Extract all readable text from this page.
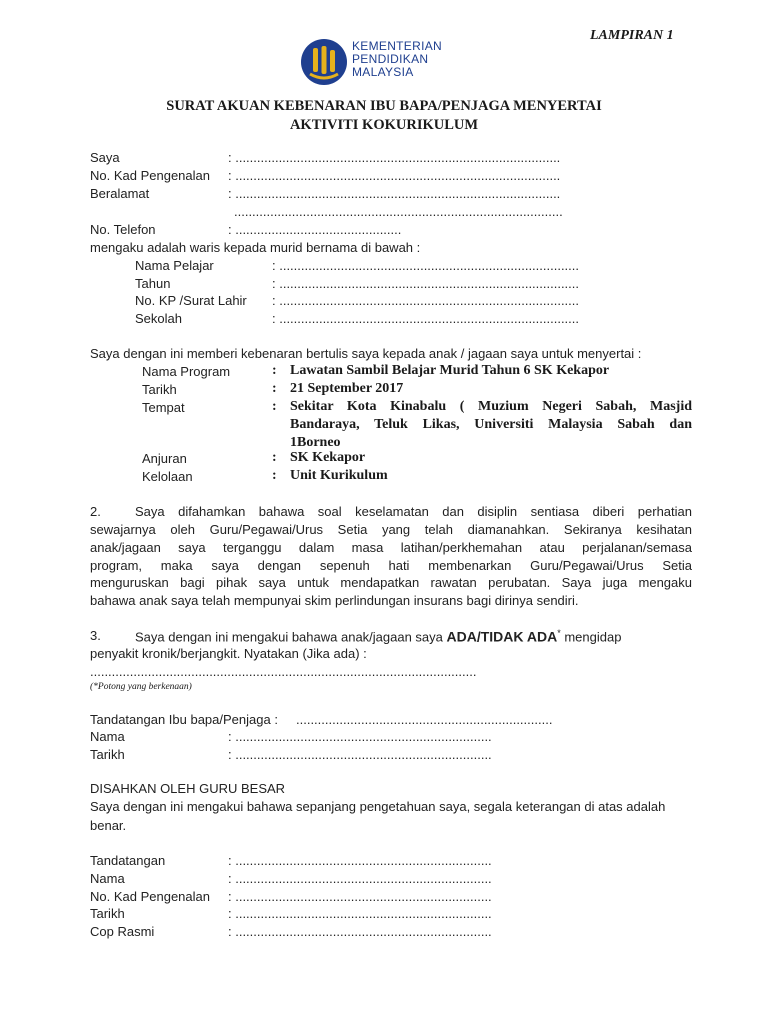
LAMPIRAN 1
KEMENTERIAN
PENDIDIKAN
MALAYSIA
SURAT AKUAN KEBENARAN IBU BAPA/PENJAGA MENYERTAI
AKTIVITI KOKURIKULUM
Saya	: ..........................................................................................
No. Kad Pengenalan : ..........................................................................................
Beralamat	: ..........................................................................................
...........................................................................................
No. Telefon	: ..............................................
mengaku adalah waris kepada murid bernama di bawah :
Nama Pelajar	: ...................................................................................
Tahun	: ...................................................................................
No. KP /Surat Lahir : ...................................................................................
Sekolah	: ...................................................................................
Saya dengan ini memberi kebenaran bertulis saya kepada anak / jagaan saya untuk menyertai :
Nama Program	: Lawatan Sambil Belajar Murid Tahun 6 SK Kekapor
Tarikh	: 21 September 2017
Tempat	: Sekitar Kota Kinabalu ( Muzium Negeri Sabah, Masjid
Bandaraya, Teluk Likas, Universiti Malaysia Sabah dan
1Borneo
Anjuran	: SK Kekapor
Kelolaan	: Unit Kurikulum
2.	Saya difahamkan bahawa soal keselamatan dan disiplin sentiasa diberi perhatian
sewajarnya oleh Guru/Pegawai/Urus Setia yang telah diamanahkan. Sekiranya kesihatan
anak/jagaan saya terganggu dalam masa latihan/perkhemahan atau perjalanan/semasa
program, maka saya dengan sepenuh hati membenarkan Guru/Pegawai/Urus Setia
menguruskan bagi pihak saya untuk mendapatkan rawatan perubatan. Saya juga mengaku
bahawa anak saya telah mempunyai skim perlindungan insurans bagi dirinya sendiri.
3.	Saya dengan ini mengakui bahawa anak/jagaan saya ADA/TIDAK ADA* mengidap
penyakit kronik/berjangkit. Nyatakan (Jika ada) :
...........................................................................................................
(*Potong yang berkenaan)
Tandatangan Ibu bapa/Penjaga : .......................................................................
Nama	: .......................................................................
Tarikh	: .......................................................................
DISAHKAN OLEH GURU BESAR
Saya dengan ini mengakui bahawa sepanjang pengetahuan saya, segala keterangan di atas adalah
benar.
Tandatangan	: .......................................................................
Nama	: .......................................................................
No. Kad Pengenalan : .......................................................................
Tarikh	: .......................................................................
Cop Rasmi	: .......................................................................
